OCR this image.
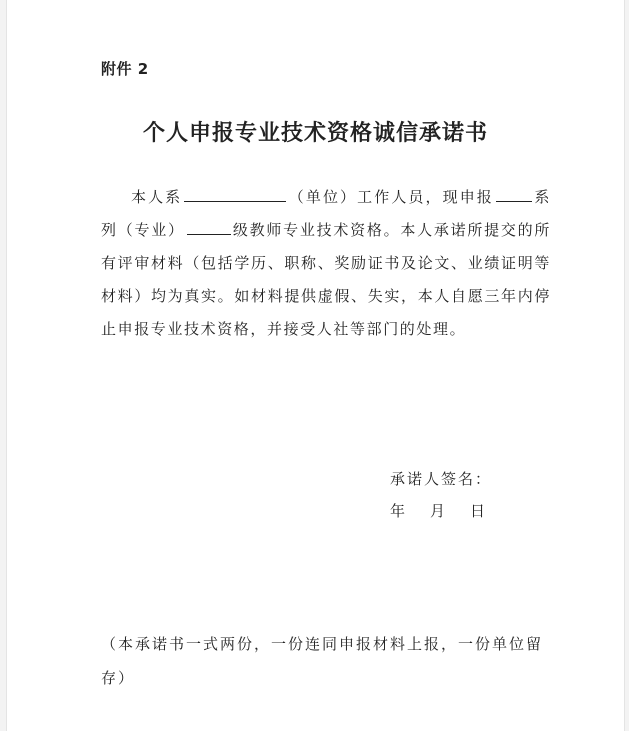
附件 2
个人申报专业技术资格诚信承诺书

本人系	（单位）工作人员，现申报	系列（专业）	级教师专业技术资格。本人承诺所提交的所有评审材料（包括学历、职称、奖励证书及论文、业绩证明等材料）均为真实。如材料提供虚假、失实，本人自愿三年内停止申报专业技术资格，并接受人社等部门的处理。

承诺人签名：
年 月 日
（本承诺书一式两份，一份连同申报材料上报，一份单位留存）
